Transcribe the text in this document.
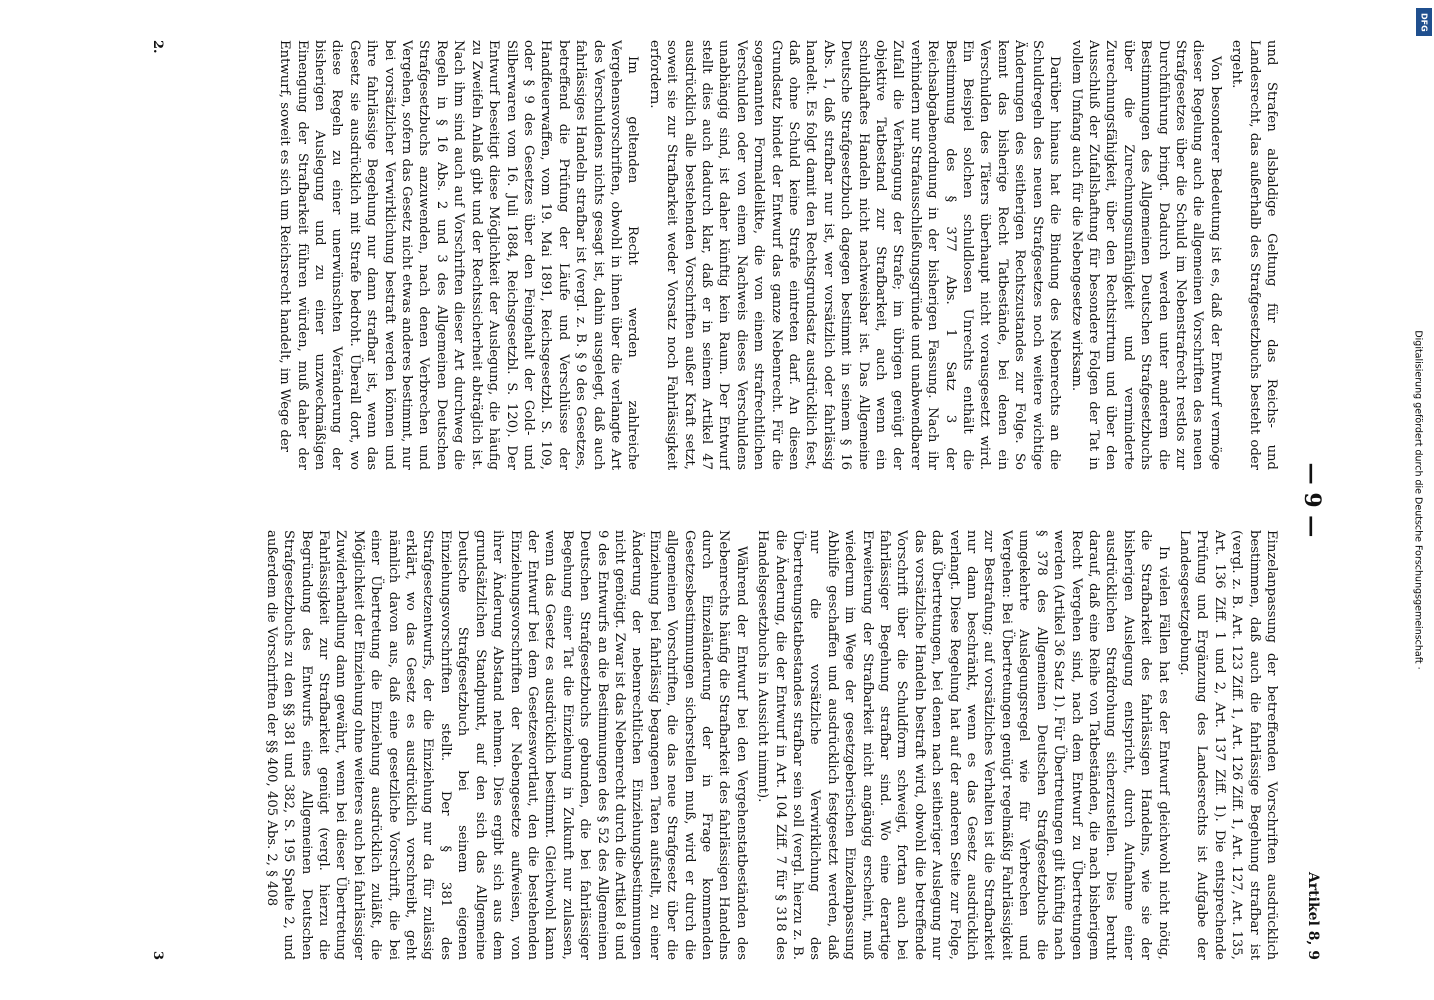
— 9 —
Artikel 8, 9

und Strafen alsbaldige Geltung für das Reichs- und Landesrecht, das außerhalb des Strafgesetzbuchs besteht oder ergeht.

Von besonderer Bedeutung ist es, daß der Entwurf vermöge dieser Regelung auch die allgemeinen Vorschriften des neuen Strafgesetzes über die Schuld im Nebenstrafrecht restlos zur Durchführung bringt. Dadurch werden unter anderem die Bestimmungen des Allgemeinen Deutschen Strafgesetzbuchs über die Zurechnungsunfähigkeit und verminderte Zurechnungsfähigkeit, über den Rechtsirrtum und über den Ausschluß der Zufallshaftung für besondere Folgen der Tat in vollem Umfang auch für die Nebengesetze wirksam.

Darüber hinaus hat die Bindung des Nebenrechts an die Schuldregeln des neuen Strafgesetzes noch weitere wichtige Änderungen des seitherigen Rechtszustandes zur Folge. So kennt das bisherige Recht Tatbestände, bei denen ein Verschulden des Täters überhaupt nicht vorausgesetzt wird. Ein Beispiel solchen schuldlosen Unrechts enthält die Bestimmung des § 377 Abs. 1 Satz 3 der Reichsabgabenordnung in der bisherigen Fassung. Nach ihr verhindern nur Strafausschließungsgründe und unabwendbarer Zufall die Verhängung der Strafe; im übrigen genügt der objektive Tatbestand zur Strafbarkeit, auch wenn ein schuldhaftes Handeln nicht nachweisbar ist. Das Allgemeine Deutsche Strafgesetzbuch dagegen bestimmt in seinem § 16 Abs. 1, daß strafbar nur ist, wer vorsätzlich oder fahrlässig handelt. Es folgt damit den Rechtsgrundsatz ausdrücklich fest, daß ohne Schuld keine Strafe eintreten darf. An diesen Grundsatz bindet der Entwurf das ganze Nebenrecht. Für die sogenannten Formaldelikte, die von einem strafrechtlichen Verschulden oder von einem Nachweis dieses Verschuldens unabhängig sind, ist daher künftig kein Raum. Der Entwurf stellt dies auch dadurch klar, daß er in seinem Artikel 47 ausdrücklich alle bestehenden Vorschriften außer Kraft setzt, soweit sie zur Strafbarkeit weder Vorsatz noch Fahrlässigkeit erfordern.

Im geltenden Recht werden zahlreiche Vergehensvorschriften, obwohl in ihnen über die verlangte Art des Verschuldens nichts gesagt ist, dahin ausgelegt, daß auch fahrlässiges Handeln strafbar ist (vergl. z. B. § 9 des Gesetzes, betreffend die Prüfung der Läufe und Verschlüsse der Handfeuerwaffen, vom 19. Mai 1891, Reichsgesetzbl. S. 109, oder § 9 des Gesetzes über den Feingehalt der Gold- und Silberwaren vom 16. Juli 1884, Reichsgesetzbl. S. 120). Der Entwurf beseitigt diese Möglichkeit der Auslegung, die häufig zu Zweifeln Anlaß gibt und der Rechtssicherheit abträglich ist. Nach ihm sind auch auf Vorschriften dieser Art durchweg die Regeln in § 16 Abs. 2 und 3 des Allgemeinen Deutschen Strafgesetzbuchs anzuwenden, nach denen Verbrechen und Vergehen, sofern das Gesetz nicht etwas anderes bestimmt, nur bei vorsätzlicher Verwirklichung bestraft werden können und ihre fahrlässige Begehung nur dann strafbar ist, wenn das Gesetz sie ausdrücklich mit Strafe bedroht. Überall dort, wo diese Regeln zu einer unerwünschten Veränderung der bisherigen Auslegung und zu einer unzweckmäßigen Einengung der Strafbarkeit führen würden, muß daher der Entwurf, soweit es sich um Reichsrecht handelt, im Wege der

Einzelanpassung der betreffenden Vorschriften ausdrücklich bestimmen, daß auch die fahrlässige Begehung strafbar ist (vergl. z. B. Art. 123 Ziff. 1, Art. 126 Ziff. 1, Art. 127, Art. 135, Art. 136 Ziff. 1 und 2, Art. 137 Ziff. 1). Die entsprechende Prüfung und Ergänzung des Landesrechts ist Aufgabe der Landesgesetzgebung.

In vielen Fällen hat es der Entwurf gleichwohl nicht nötig, die Strafbarkeit des fahrlässigen Handelns, wie sie der bisherigen Auslegung entspricht, durch Aufnahme einer ausdrücklichen Strafdrohung sicherzustellen. Dies beruht darauf, daß eine Reihe von Tatbeständen, die nach bisherigem Recht Vergehen sind, nach dem Entwurf zu Übertretungen werden (Artikel 36 Satz 1). Für Übertretungen gilt künftig nach § 378 des Allgemeinen Deutschen Strafgesetzbuchs die umgekehrte Auslegungsregel wie für Verbrechen und Vergehen: Bei Übertretungen genügt regelmäßig Fahrlässigkeit zur Bestrafung; auf vorsätzliches Verhalten ist die Strafbarkeit nur dann beschränkt, wenn es das Gesetz ausdrücklich verlangt. Diese Regelung hat auf der anderen Seite zur Folge, daß Übertretungen, bei denen nach seitheriger Auslegung nur das vorsätzliche Handeln bestraft wird, obwohl die betreffende Vorschrift über die Schuldform schweigt, fortan auch bei fahrlässiger Begehung strafbar sind. Wo eine derartige Erweiterung der Strafbarkeit nicht angängig erscheint, muß wiederum im Wege der gesetzgeberischen Einzelanpassung Abhilfe geschaffen und ausdrücklich festgesetzt werden, daß nur die vorsätzliche Verwirklichung des Übertretungstatbestandes strafbar sein soll (vergl. hierzu z. B. die Änderung, die der Entwurf in Art. 104 Ziff. 7 für § 318 des Handelsgesetzbuchs in Aussicht nimmt).

Während der Entwurf bei den Vergehenstatbeständen des Nebenrechts häufig die Strafbarkeit des fahrlässigen Handelns durch Einzeländerung der in Frage kommenden Gesetzesbestimmungen sicherstellen muß, wird er durch die allgemeinen Vorschriften, die das neue Strafgesetz über die Einziehung bei fahrlässig begangenen Taten aufstellt, zu einer Änderung der nebenrechtlichen Einziehungsbestimmungen nicht genötigt. Zwar ist das Nebenrecht durch die Artikel 8 und 9 des Entwurfs an die Bestimmungen des § 52 des Allgemeinen Deutschen Strafgesetzbuchs gebunden, die bei fahrlässiger Begehung einer Tat die Einziehung in Zukunft nur zulassen, wenn das Gesetz es ausdrücklich bestimmt. Gleichwohl kann der Entwurf bei dem Gesetzeswortlaut, den die bestehenden Einziehungsvorschriften der Nebengesetze aufweisen, von ihrer Änderung Abstand nehmen. Dies ergibt sich aus dem grundsätzlichen Standpunkt, auf den sich das Allgemeine Deutsche Strafgesetzbuch bei seinem eigenen Einziehungsvorschriften stellt. Der § 381 des Strafgesetzentwurfs, der die Einziehung nur da für zulässig erklärt, wo das Gesetz es ausdrücklich vorschreibt, geht nämlich davon aus, daß eine gesetzliche Vorschrift, die bei einer Übertretung die Einziehung ausdrücklich zuläßt, die Möglichkeit der Einziehung ohne weiteres auch bei fahrlässiger Zuwiderhandlung dann gewährt, wenn bei dieser Übertretung Fahrlässigkeit zur Strafbarkeit genügt (vergl. hierzu die Begründung des Entwurfs eines Allgemeinen Deutschen Strafgesetzbuchs zu den §§ 381 und 382, S. 195 Spalte 2, und außerdem die Vorschriften der §§ 400, 405 Abs. 2, § 408

2.
3
Digitalisierung gefördert durch die Deutsche Forschungsgemeinschaft ·
DFG
